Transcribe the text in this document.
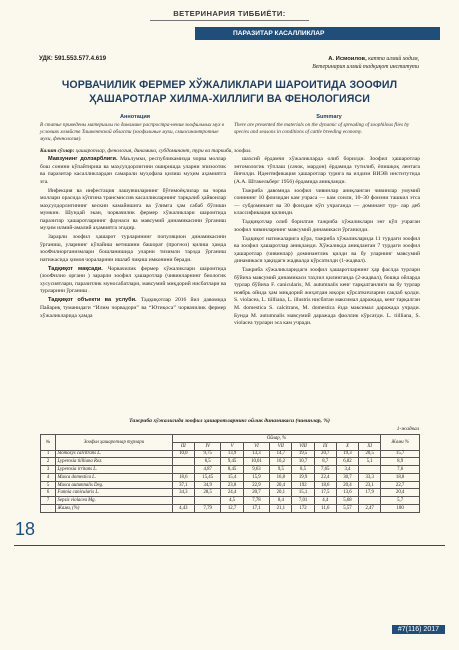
ВЕТЕРИНАРИЯ ТИББИЁТИ:
ПАРАЗИТАР КАСАЛЛИКЛАР
УДК: 591.553.577.4.619	А. Исмоилов, катта илмий ходим,
Ветеринария илмий тадқиқот институти
ЧОРВАЧИЛИК ФЕРМЕР ХЎЖАЛИКЛАРИ ШАРОИТИДА ЗООФИЛ
ҲАШАРОТЛАР ХИЛМА-ХИЛЛИГИ ВА ФЕНОЛОГИЯСИ
Аннотация
В статье приведены материалы по динамике распростра-нения зоофильных мух в условиях хозяйств Ташкентской области (зоофильные мухи, смиосинантропные мухи, феннология).
Summary
There are presented the materials on the dynamic of spreading of zoophilous flies by species and seasons in conditions of cattle breeding economy.
Калит сўзлар: ҳашаротлар, фенология, динамика, субдоминант, тури ва таркиби, зоофил.

Мавзунинг долзарблиги. Маълумки, республикамизда чорва моллар бош сонини кўпайтириш ва маҳсулдорлигини оширишда уларни эпизоотик ва паразитар касалликлардан самарали муҳофаза қилиш муҳим аҳамиятга эга.

Инфекция ва инфестация лашувчиларнинг бўғимоёқлилар ва чорва моллари орасида кўпгина трансмиссив касалликларнинг тарқалиб ҳайвонлар маҳсулдорлигининг кескин камайишига ва ўлимга ҳам сабаб бўлиши мумкин. Шундай экан, чорвачилик фермер хўжаликлари шароитида паразитар ҳашаротларнинг фаунаси ва мавсумий динамикасини ўрганиш муҳим илмий-амалий аҳамиятга эгадир.

Зарарли зоофил ҳашарот турларининг популяцион динамикасини ўрганиш, уларнинг кўпайиш кетишини башорат (прогноз) қилиш ҳамда зооФилиорганизмлари бошланишида уларни тизимли тарзда ўрганиш натижасида ҳимоя чораларини ишлаб чиқиш имконини беради.

Тадқиқот мақсади. Чорвачилик фермер хўжаликлари шароитида (зооФилио органи ) зарарли зоофил ҳашаротлар (чивинларнинг биологик хусусиятлари, паразитлик муносабатлари, мавсумий миқдорий нисбатлари ва турларини ўрганиш .

Тадқиқот объекти ва услуби. Тадқиқотлар 2016 йил давомида Пайариқ туманидаги “Илим чорвадори” ва “Ютиқоса” чорвачилик фермер хўжаликларида ҳамда

шахсий ёрдамчи хўжаликларда олиб борилди. Зоофил ҳашаротлар энтомологик тўплаш (сачок, мардон) ёрдамида тутилиб, ёпишқоқ лентага йиғилди. Идентификация ҳашаротлар турига ва илдизи ВИЭВ институтида (А.А. Штакельберг 1956) ёрдамида аниқланди.

Тажриба давомида зоофил чивинлар аниқланган чивинлар умумий сонининг 10 фоизидан кам учраса — кам сонли, 10–30 фоизни ташкил этса — субдоминант ва 30 фоиздан кўп учраганда — доминант тур- лар деб классификация қилинди.

Тадқиқотлар олиб борилган тажриба хўжаликлари энг кўп учраган зоофил чивинларнинг мавсумий динамикаси ўрганилди.

Тадқиқот натижаларига кўра, тажриба хўжаликларида 11 турдаги зоофил ва зоофил ҳашаротлар аниқланди. Хўжаликда аниқланган 7 турдаги зоофил ҳашаротлар (чивинлар) доминантлик қилди ва бу уларнинг мавсумий динамикаси ҳақидаги жадвалда кўрсатилди (1-жадвал).

Тажриба хўжаликларидаги зоофил ҳашаротларнинг ҳар фаслда турлари бўйича мавсумий динамикаси таҳлил қилинганда (2-жадвал), бошқа ойларда турлар бўйича F. canicularis, M. autumnalis кенг тарқалганлиги ва бу турлар ноябрь ойида ҳам миқдорий жиҳатдан юқори кўрсаткичларни сақлаб қолди. S. violacea, L. tiilliana, L. illustris нисбатан максимал даражада, кенг тарқалган M. domestica S. calcitrans, M. domestica ёзда максимал даражада учради. Бунда M. autumnalis мавсумий даражада фаоллик кўрсатди. L. tiilliana, S. violacea турлари эса кам учради.

Тажриба хўжалигида зоофил ҳашаротларнинг ойлик динамикаси (чивинлар, %)
1-жадвал
№	Зоофил ҳашаротлар турлари	Ойлар, %									Жами %
		III	IV	V	VI	VII	VIII	IX	X	XI	
1	Stomoxys calcitrans L.	10,0	9,75	13,9	13,3	14,7	19,5	20,7	19,3	20,5	15,7
2	Lyperosia tiilliana Roz.		6,5	9,45	10,01	10,2	10,7	8,7	6,82	5,1	8,9
3	Lyperosia irritans L.		4,87	8,45	9,63	9,5	8,5	7,65	3,4		7,6
4	Musca domestica L.	18,6	15,45	15,4	15,9	16,8	19,9	22,4	30,7	33,3	18,8
5	Musca autumnalis Deg.	37,1	34,9	23,8	22,9	20,4	192	18,6	20,4	23,1	22,7
6	Fannia canicularis L.	34,3	28,5	24,4	20,7	20,1	15,1	17,5	13,6	17,9	20,4
7	Sepsis violacea Mg.			4,5	7,78	8,4	7,01	4,4	5,68		5,7
	Жами, (%)	4,43	7,79	12,7	17,1	21,1	172	11,6	5,57	2,47	100
18
#7(116) 2017
